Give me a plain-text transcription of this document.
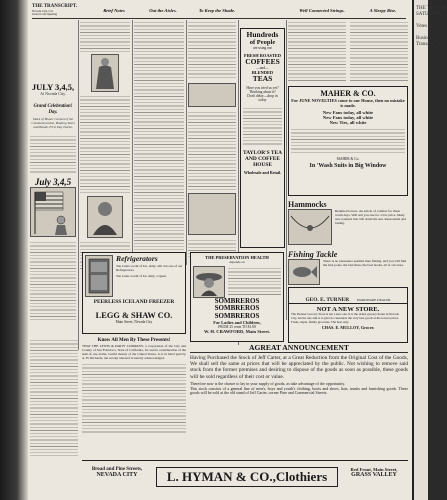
THE TRANSC
SATURDAY

Votes of L

Business
Transact
THE TRANSCRIPT.
Nevada City, Cal.
Grand Cafe Opening
Brief Notes	Out the Aisles.	To Keep the Shade.	Well Connected Strings.	A Sleepy Rise.
JULY 3,4,5,
At Nevada City.
Grand Celebration! Day.
Mark of Honor Contest of the Commemoration, Boating Team and Bands, First Day Ducks.
July 3,4,5
Hundreds
of People
are using our
FRESH ROASTED
COFFEES
—and—
BLENDED
TEAS
Have you tried us yet?
Thinking about it?
Don't delay—drop in today
TAYLOR'S TEA AND COFFEE HOUSE
Wholesale and Retail.
MAHER & CO.
For JUNE NOVELTIES come to our House, then no mistake is made.
New Fans today, all white
New Fans today, all white
New Ties, all white
MAHER & Co.
In 'Wash Suits in Big Window
Hammocks
Returned is here. An article of comfort for these warm days. Will sell you one for a low price. Many new patterns that will stand the sun. Reasonable and lasting.
Fishing Tackle
There is no pleasanter pastime than fishing, and you will find the best poles, the best lines, the best hooks, all at our store.
GEO. E. TURNER HARDWARE DEALER
NOT A NEW STORE.
The Pioneer Grocery Store is not a new one. It is the oldest grocery house in Nevada City, and its one aim is to give its customers the very best goods at the lowest prices. Fresh, staple, family groceries. The best only.
CHAS. E. MULLOY, Grocer.
Refrigerators
Ten Cents worth of Ice, daily, will run one of our Refrigerators
Ten Cents worth of Ice daily, a Quart.
PEERLESS ICELAND FREEZER
LEGG & SHAW CO.
Main Street, Nevada City
THE PRESERVATION HEALTH
depends on
SOMBREROS
SOMBREROS
SOMBREROS
For Ladies and Children,
FROM 25 cents TO $1.00
W. H. CRAWFORD, Main Street.
AGREAT ANNOUNCEMENT
Having Purchased the Stock of Jeff Carter, at a Great Reduction from the Original Cost of the Goods, We shall sell the same at prices that will be appreciated by the public. Not wishing to remove said stock from the former premises and desiring to dispose of the goods as soon as possible, these goods will be sold regardless of their cost or value.
Therefore now is the chance to lay in your supply of goods, as take advantage of the opportunity.
This stock consists of a general line of men's, boys and youth's clothing, boots and shoes, hats, trunks and furnishing goods. These goods will be sold at the old stand of Jeff Carter, corner Pine and Commercial Streets.
Know All Men By These Presents!
THAT THE LEWIS & PARTY COMPANY, a corporation of the City and County of San Francisco, State of California, for and in consideration of the sum of one dollar, lawful money of the United States, to it in hand paid by A. H. Richards, the receipt whereof is hereby acknowledged.
Broad and Pine Streets,
NEVADA CITY	L. HYMAN & CO.,Clothiers	Red Front, Main Street,
GRASS VALLEY
